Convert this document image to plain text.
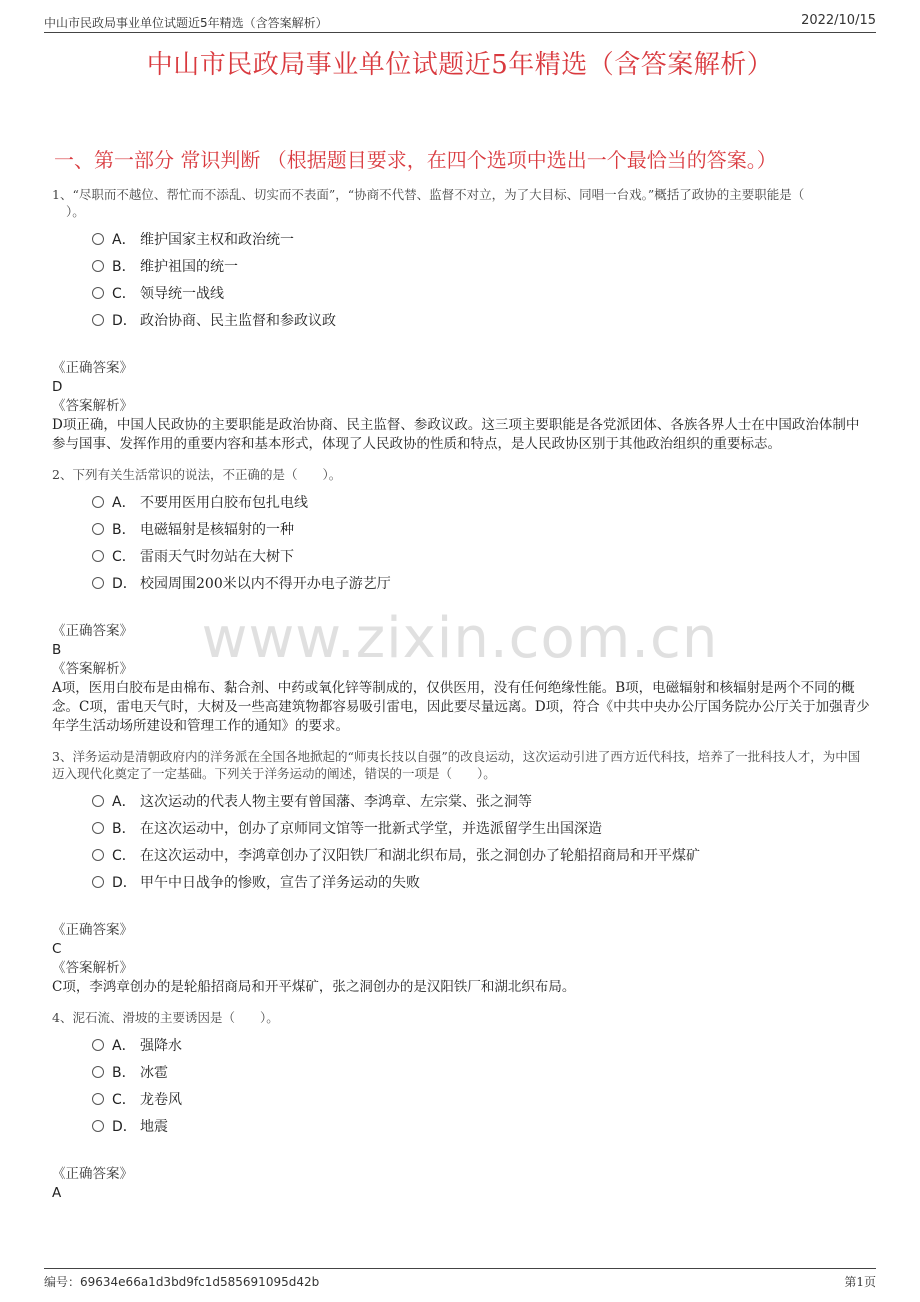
中山市民政局事业单位试题近5年精选（含答案解析）	2022/10/15
中山市民政局事业单位试题近5年精选（含答案解析）
一、第一部分 常识判断 （根据题目要求，在四个选项中选出一个最恰当的答案。）
www.zixin.com.cn
1、“尽职而不越位、帮忙而不添乱、切实而不表面”，“协商不代替、监督不对立，为了大目标、同唱一台戏。”概括了政协的主要职能是（
）。
A． 维护国家主权和政治统一
B． 维护祖国的统一
C． 领导统一战线
D． 政治协商、民主监督和参政议政
《正确答案》
D
《答案解析》
D项正确，中国人民政协的主要职能是政治协商、民主监督、参政议政。这三项主要职能是各党派团体、各族各界人士在中国政治体制中参与国事、发挥作用的重要内容和基本形式，体现了人民政协的性质和特点，是人民政协区别于其他政治组织的重要标志。
2、下列有关生活常识的说法，不正确的是（　　）。
A． 不要用医用白胶布包扎电线
B． 电磁辐射是核辐射的一种
C． 雷雨天气时勿站在大树下
D． 校园周围200米以内不得开办电子游艺厅
《正确答案》
B
《答案解析》
A项，医用白胶布是由棉布、黏合剂、中药或氧化锌等制成的，仅供医用，没有任何绝缘性能。B项，电磁辐射和核辐射是两个不同的概念。C项，雷电天气时，大树及一些高建筑物都容易吸引雷电，因此要尽量远离。D项，符合《中共中央办公厅国务院办公厅关于加强青少年学生活动场所建设和管理工作的通知》的要求。
3、洋务运动是清朝政府内的洋务派在全国各地掀起的“师夷长技以自强”的改良运动，这次运动引进了西方近代科技，培养了一批科技人才，为中国迈入现代化奠定了一定基础。下列关于洋务运动的阐述，错误的一项是（　　）。
A． 这次运动的代表人物主要有曾国藩、李鸿章、左宗棠、张之洞等
B． 在这次运动中，创办了京师同文馆等一批新式学堂，并选派留学生出国深造
C． 在这次运动中，李鸿章创办了汉阳铁厂和湖北织布局，张之洞创办了轮船招商局和开平煤矿
D． 甲午中日战争的惨败，宣告了洋务运动的失败
《正确答案》
C
《答案解析》
C项，李鸿章创办的是轮船招商局和开平煤矿，张之洞创办的是汉阳铁厂和湖北织布局。
4、泥石流、滑坡的主要诱因是（　　）。
A． 强降水
B． 冰雹
C． 龙卷风
D． 地震
《正确答案》
A
编号：69634e66a1d3bd9fc1d585691095d42b	第1页
